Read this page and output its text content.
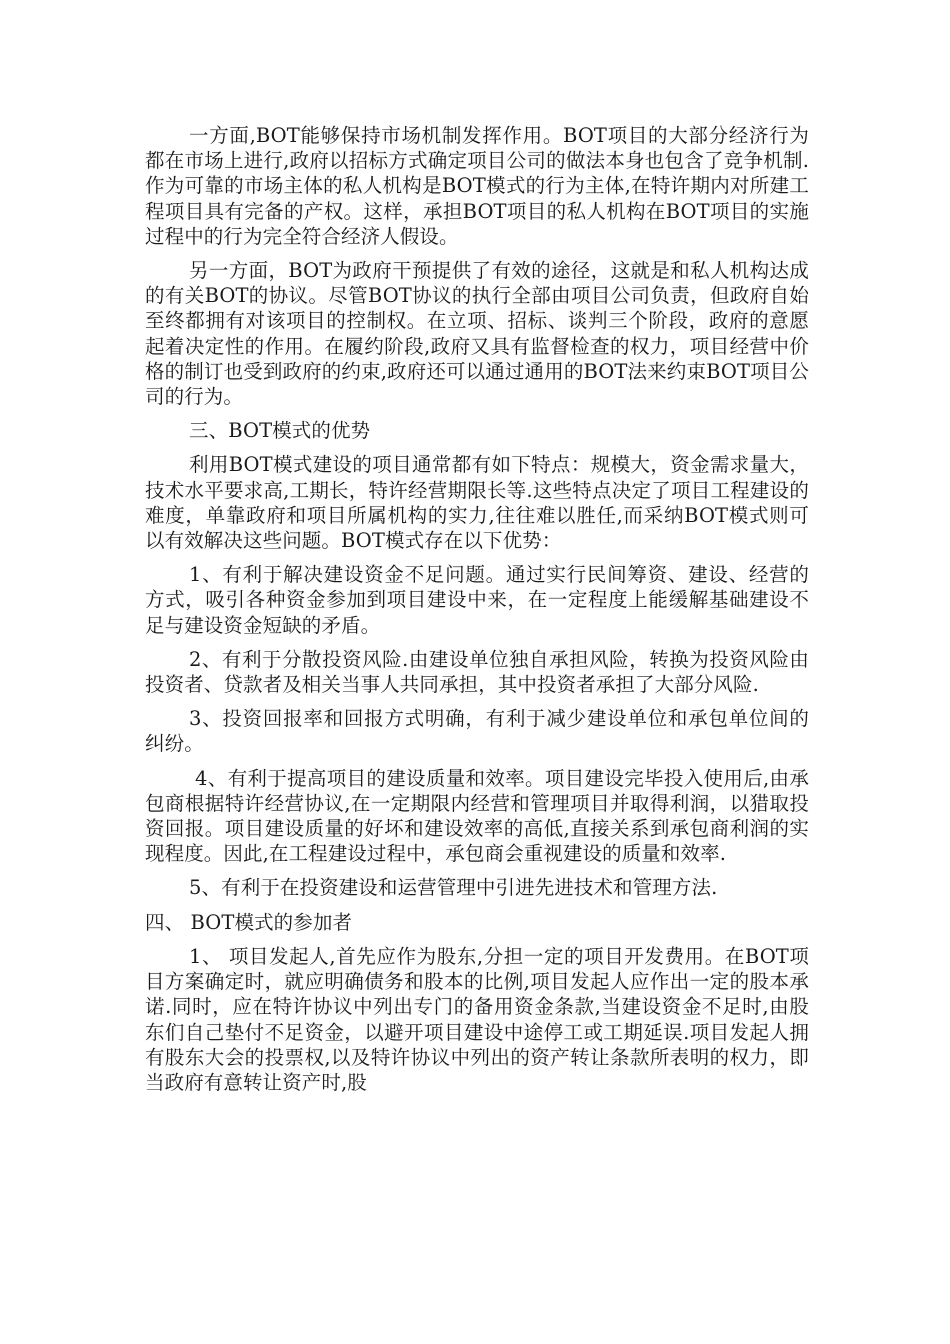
一方面,BOT能够保持市场机制发挥作用。BOT项目的大部分经济行为都在市场上进行,政府以招标方式确定项目公司的做法本身也包含了竞争机制.作为可靠的市场主体的私人机构是BOT模式的行为主体,在特许期内对所建工程项目具有完备的产权。这样，承担BOT项目的私人机构在BOT项目的实施过程中的行为完全符合经济人假设。

另一方面，BOT为政府干预提供了有效的途径，这就是和私人机构达成的有关BOT的协议。尽管BOT协议的执行全部由项目公司负责，但政府自始至终都拥有对该项目的控制权。在立项、招标、谈判三个阶段，政府的意愿起着决定性的作用。在履约阶段,政府又具有监督检查的权力，项目经营中价格的制订也受到政府的约束,政府还可以通过通用的BOT法来约束BOT项目公司的行为。

三、BOT模式的优势

利用BOT模式建设的项目通常都有如下特点：规模大，资金需求量大，技术水平要求高,工期长，特许经营期限长等.这些特点决定了项目工程建设的难度，单靠政府和项目所属机构的实力,往往难以胜任,而采纳BOT模式则可以有效解决这些问题。BOT模式存在以下优势：

1、有利于解决建设资金不足问题。通过实行民间筹资、建设、经营的方式，吸引各种资金参加到项目建设中来，在一定程度上能缓解基础建设不足与建设资金短缺的矛盾。

2、有利于分散投资风险.由建设单位独自承担风险，转换为投资风险由投资者、贷款者及相关当事人共同承担，其中投资者承担了大部分风险.

3、投资回报率和回报方式明确，有利于减少建设单位和承包单位间的纠纷。

4、有利于提高项目的建设质量和效率。项目建设完毕投入使用后,由承包商根据特许经营协议,在一定期限内经营和管理项目并取得利润，以猎取投资回报。项目建设质量的好坏和建设效率的高低,直接关系到承包商利润的实现程度。因此,在工程建设过程中，承包商会重视建设的质量和效率.

5、有利于在投资建设和运营管理中引进先进技术和管理方法.

四、 BOT模式的参加者

1、 项目发起人,首先应作为股东,分担一定的项目开发费用。在BOT项目方案确定时，就应明确债务和股本的比例,项目发起人应作出一定的股本承诺.同时，应在特许协议中列出专门的备用资金条款,当建设资金不足时,由股东们自己垫付不足资金，以避开项目建设中途停工或工期延误.项目发起人拥有股东大会的投票权,以及特许协议中列出的资产转让条款所表明的权力，即当政府有意转让资产时,股
